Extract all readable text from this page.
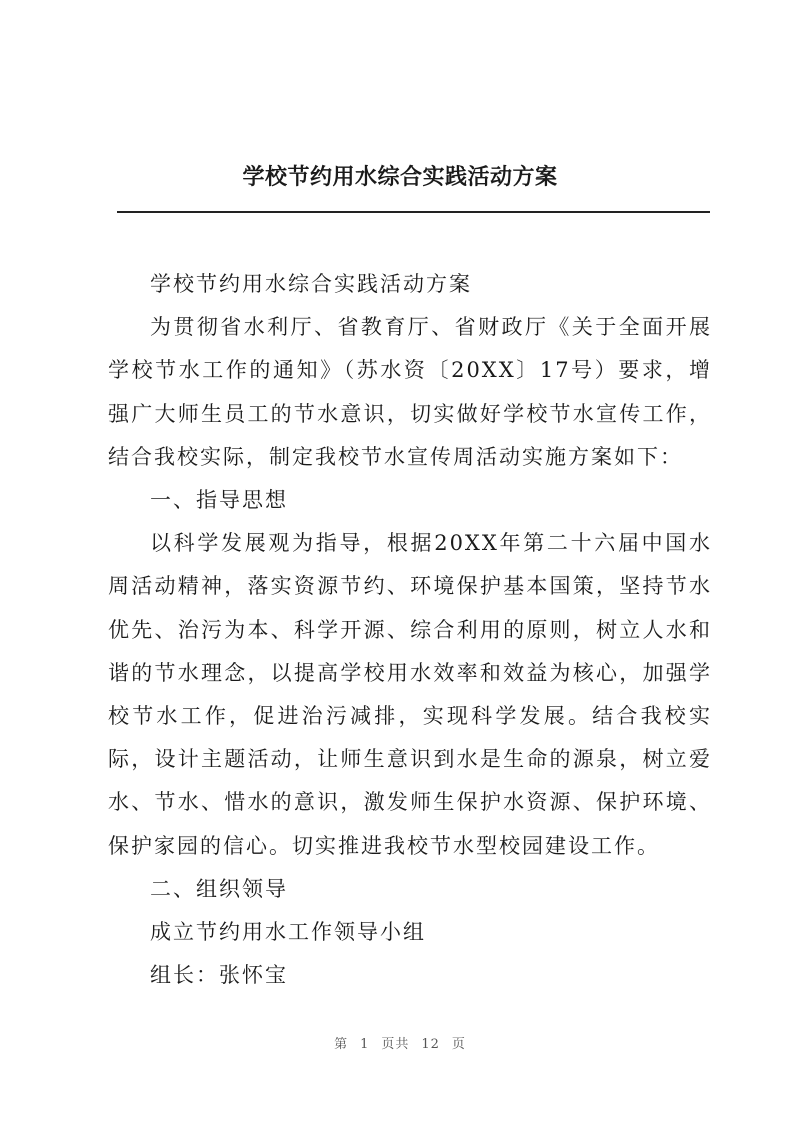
学校节约用水综合实践活动方案

学校节约用水综合实践活动方案

为贯彻省水利厅、省教育厅、省财政厅《关于全面开展学校节水工作的通知》（苏水资〔20XX〕17号）要求，增强广大师生员工的节水意识，切实做好学校节水宣传工作，结合我校实际，制定我校节水宣传周活动实施方案如下：

一、指导思想

以科学发展观为指导，根据20XX年第二十六届中国水周活动精神，落实资源节约、环境保护基本国策，坚持节水优先、治污为本、科学开源、综合利用的原则，树立人水和谐的节水理念，以提高学校用水效率和效益为核心，加强学校节水工作，促进治污减排，实现科学发展。结合我校实际，设计主题活动，让师生意识到水是生命的源泉，树立爱水、节水、惜水的意识，激发师生保护水资源、保护环境、保护家园的信心。切实推进我校节水型校园建设工作。

二、组织领导

成立节约用水工作领导小组

组长：张怀宝

第 1 页共 12 页
